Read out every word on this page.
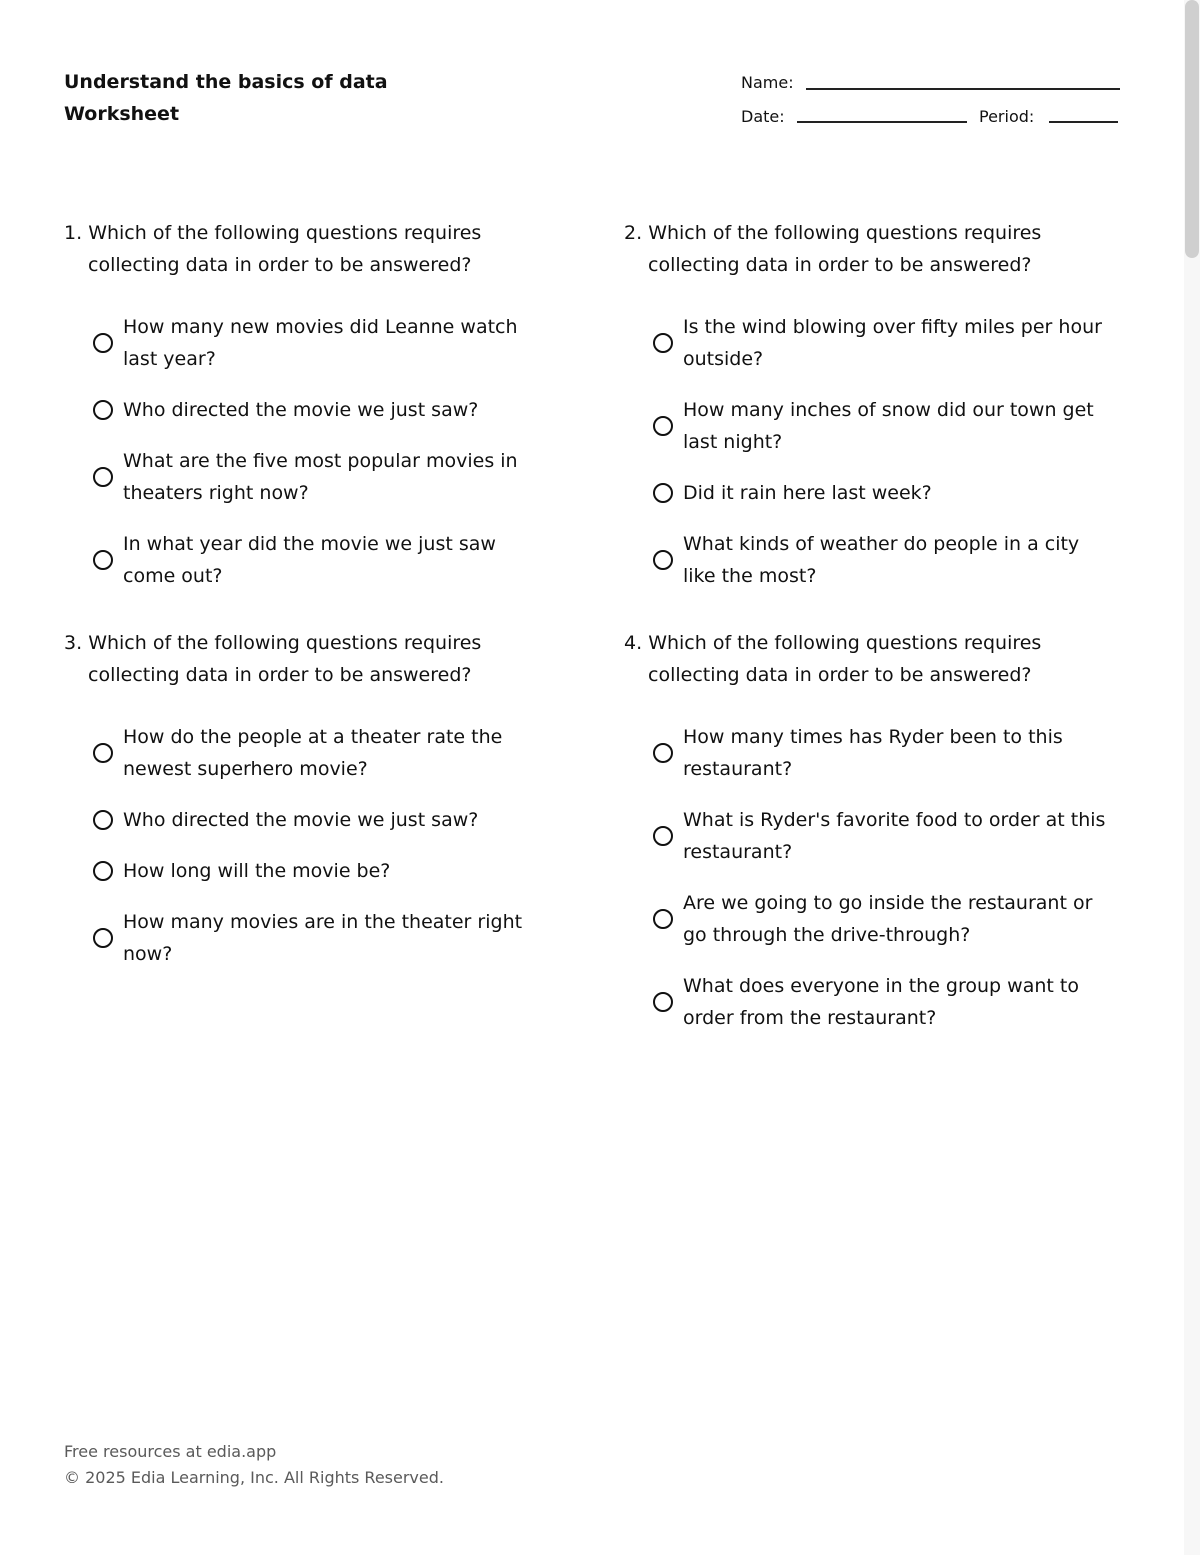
Understand the basics of data
Worksheet
Name:
Date:	Period:

1. Which of the following questions requires collecting data in order to be answered?

How many new movies did Leanne watch last year?
Who directed the movie we just saw?
What are the five most popular movies in theaters right now?
In what year did the movie we just saw come out?

2. Which of the following questions requires collecting data in order to be answered?

Is the wind blowing over fifty miles per hour outside?
How many inches of snow did our town get last night?
Did it rain here last week?
What kinds of weather do people in a city like the most?

3. Which of the following questions requires collecting data in order to be answered?

How do the people at a theater rate the newest superhero movie?
Who directed the movie we just saw?
How long will the movie be?
How many movies are in the theater right now?

4. Which of the following questions requires collecting data in order to be answered?

How many times has Ryder been to this restaurant?
What is Ryder's favorite food to order at this restaurant?
Are we going to go inside the restaurant or go through the drive-through?
What does everyone in the group want to order from the restaurant?
Free resources at edia.app
© 2025 Edia Learning, Inc. All Rights Reserved.
